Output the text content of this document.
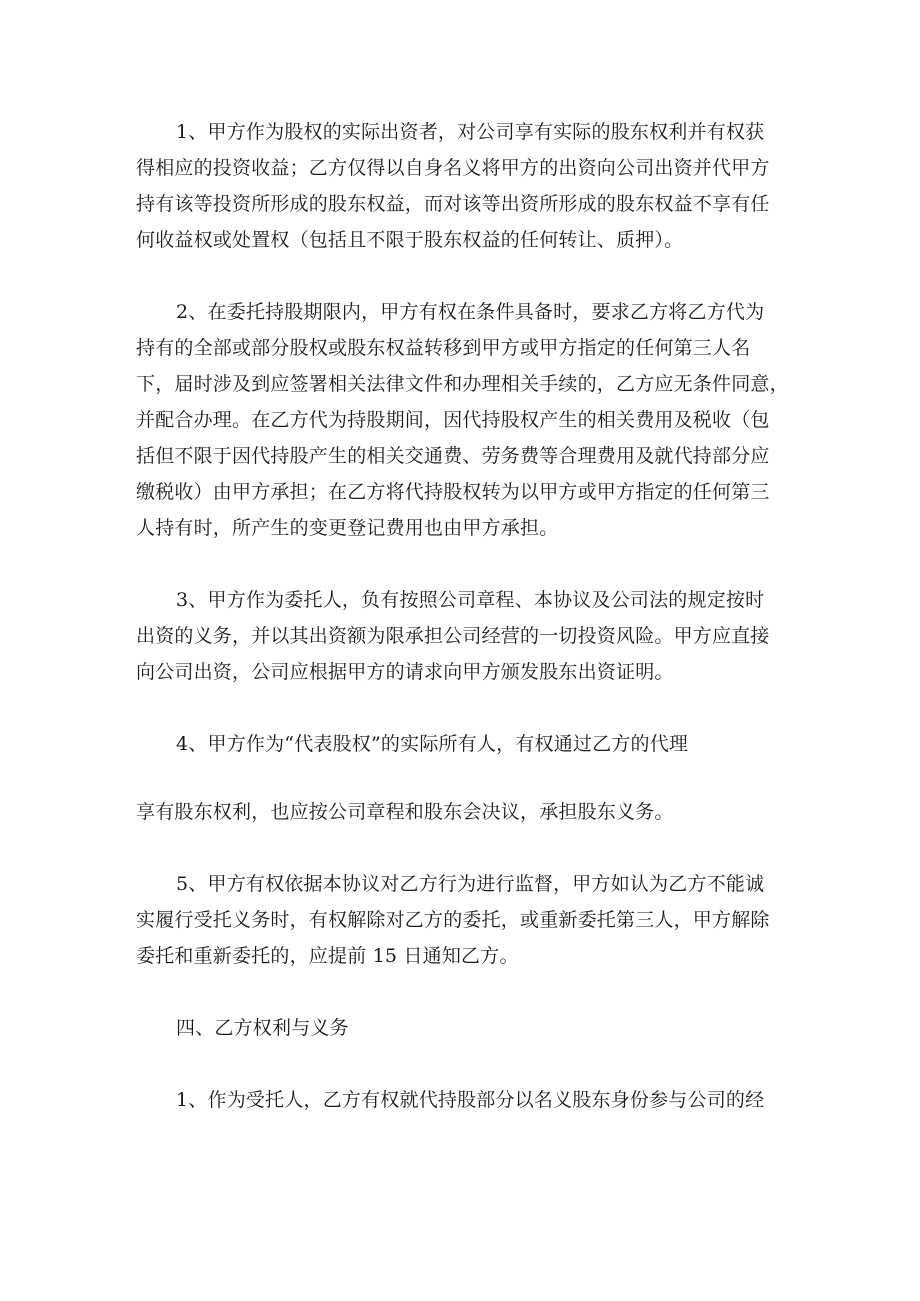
1、甲方作为股权的实际出资者，对公司享有实际的股东权利并有权获
得相应的投资收益；乙方仅得以自身名义将甲方的出资向公司出资并代甲方
持有该等投资所形成的股东权益，而对该等出资所形成的股东权益不享有任
何收益权或处置权（包括且不限于股东权益的任何转让、质押）。
2、在委托持股期限内，甲方有权在条件具备时，要求乙方将乙方代为
持有的全部或部分股权或股东权益转移到甲方或甲方指定的任何第三人名
下，届时涉及到应签署相关法律文件和办理相关手续的，乙方应无条件同意，
并配合办理。在乙方代为持股期间，因代持股权产生的相关费用及税收（包
括但不限于因代持股产生的相关交通费、劳务费等合理费用及就代持部分应
缴税收）由甲方承担；在乙方将代持股权转为以甲方或甲方指定的任何第三
人持有时，所产生的变更登记费用也由甲方承担。
3、甲方作为委托人，负有按照公司章程、本协议及公司法的规定按时
出资的义务，并以其出资额为限承担公司经营的一切投资风险。甲方应直接
向公司出资，公司应根据甲方的请求向甲方颁发股东出资证明。
4、甲方作为“代表股权”的实际所有人，有权通过乙方的代理
享有股东权利，也应按公司章程和股东会决议，承担股东义务。
5、甲方有权依据本协议对乙方行为进行监督，甲方如认为乙方不能诚
实履行受托义务时，有权解除对乙方的委托，或重新委托第三人，甲方解除
委托和重新委托的，应提前 15 日通知乙方。
四、乙方权利与义务
1、作为受托人，乙方有权就代持股部分以名义股东身份参与公司的经
